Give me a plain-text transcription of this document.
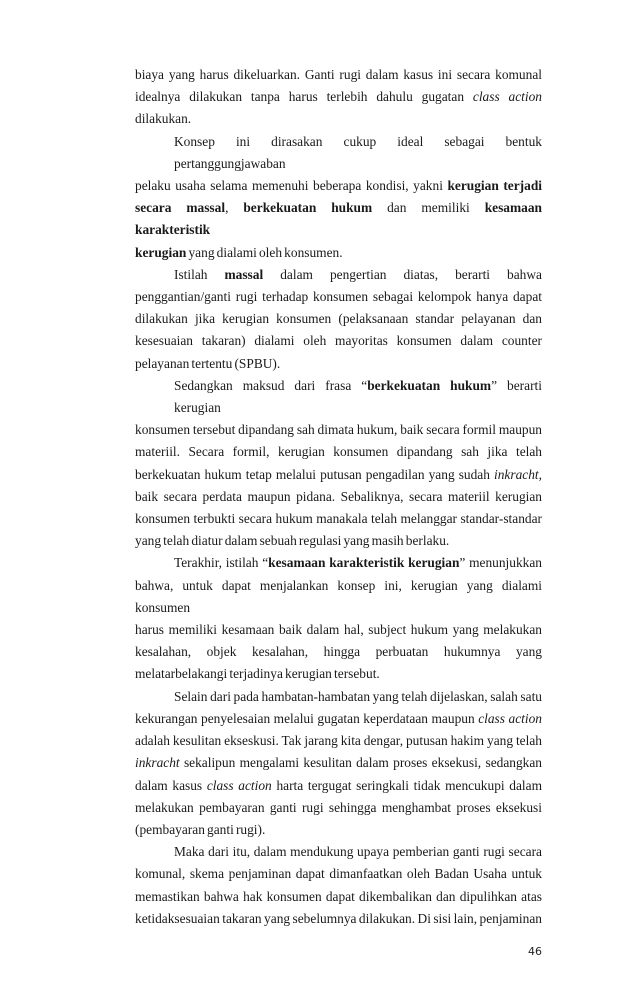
biaya yang harus dikeluarkan. Ganti rugi dalam kasus ini secara komunal
idealnya dilakukan tanpa harus terlebih dahulu gugatan class action dilakukan.
Konsep ini dirasakan cukup ideal sebagai bentuk pertanggungjawaban
pelaku usaha selama memenuhi beberapa kondisi, yakni kerugian terjadi
secara massal, berkekuatan hukum dan memiliki kesamaan karakteristik
kerugian yang dialami oleh konsumen.
Istilah massal dalam pengertian diatas, berarti bahwa
penggantian/ganti rugi terhadap konsumen sebagai kelompok hanya dapat
dilakukan jika kerugian konsumen (pelaksanaan standar pelayanan dan
kesesuaian takaran) dialami oleh mayoritas konsumen dalam counter
pelayanan tertentu (SPBU).
Sedangkan maksud dari frasa “berkekuatan hukum” berarti kerugian
konsumen tersebut dipandang sah dimata hukum, baik secara formil maupun
materiil. Secara formil, kerugian konsumen dipandang sah jika telah
berkekuatan hukum tetap melalui putusan pengadilan yang sudah inkracht,
baik secara perdata maupun pidana. Sebaliknya, secara materiil kerugian
konsumen terbukti secara hukum manakala telah melanggar standar-standar
yang telah diatur dalam sebuah regulasi yang masih berlaku.
Terakhir, istilah “kesamaan karakteristik kerugian” menunjukkan
bahwa, untuk dapat menjalankan konsep ini, kerugian yang dialami konsumen
harus memiliki kesamaan baik dalam hal, subject hukum yang melakukan
kesalahan, objek kesalahan, hingga perbuatan hukumnya yang
melatarbelakangi terjadinya kerugian tersebut.
Selain dari pada hambatan-hambatan yang telah dijelaskan, salah satu
kekurangan penyelesaian melalui gugatan keperdataan maupun class action
adalah kesulitan ekseskusi. Tak jarang kita dengar, putusan hakim yang telah
inkracht sekalipun mengalami kesulitan dalam proses eksekusi, sedangkan
dalam kasus class action harta tergugat seringkali tidak mencukupi dalam
melakukan pembayaran ganti rugi sehingga menghambat proses eksekusi
(pembayaran ganti rugi).
Maka dari itu, dalam mendukung upaya pemberian ganti rugi secara
komunal, skema penjaminan dapat dimanfaatkan oleh Badan Usaha untuk
memastikan bahwa hak konsumen dapat dikembalikan dan dipulihkan atas
ketidaksesuaian takaran yang sebelumnya dilakukan. Di sisi lain, penjaminan
46
